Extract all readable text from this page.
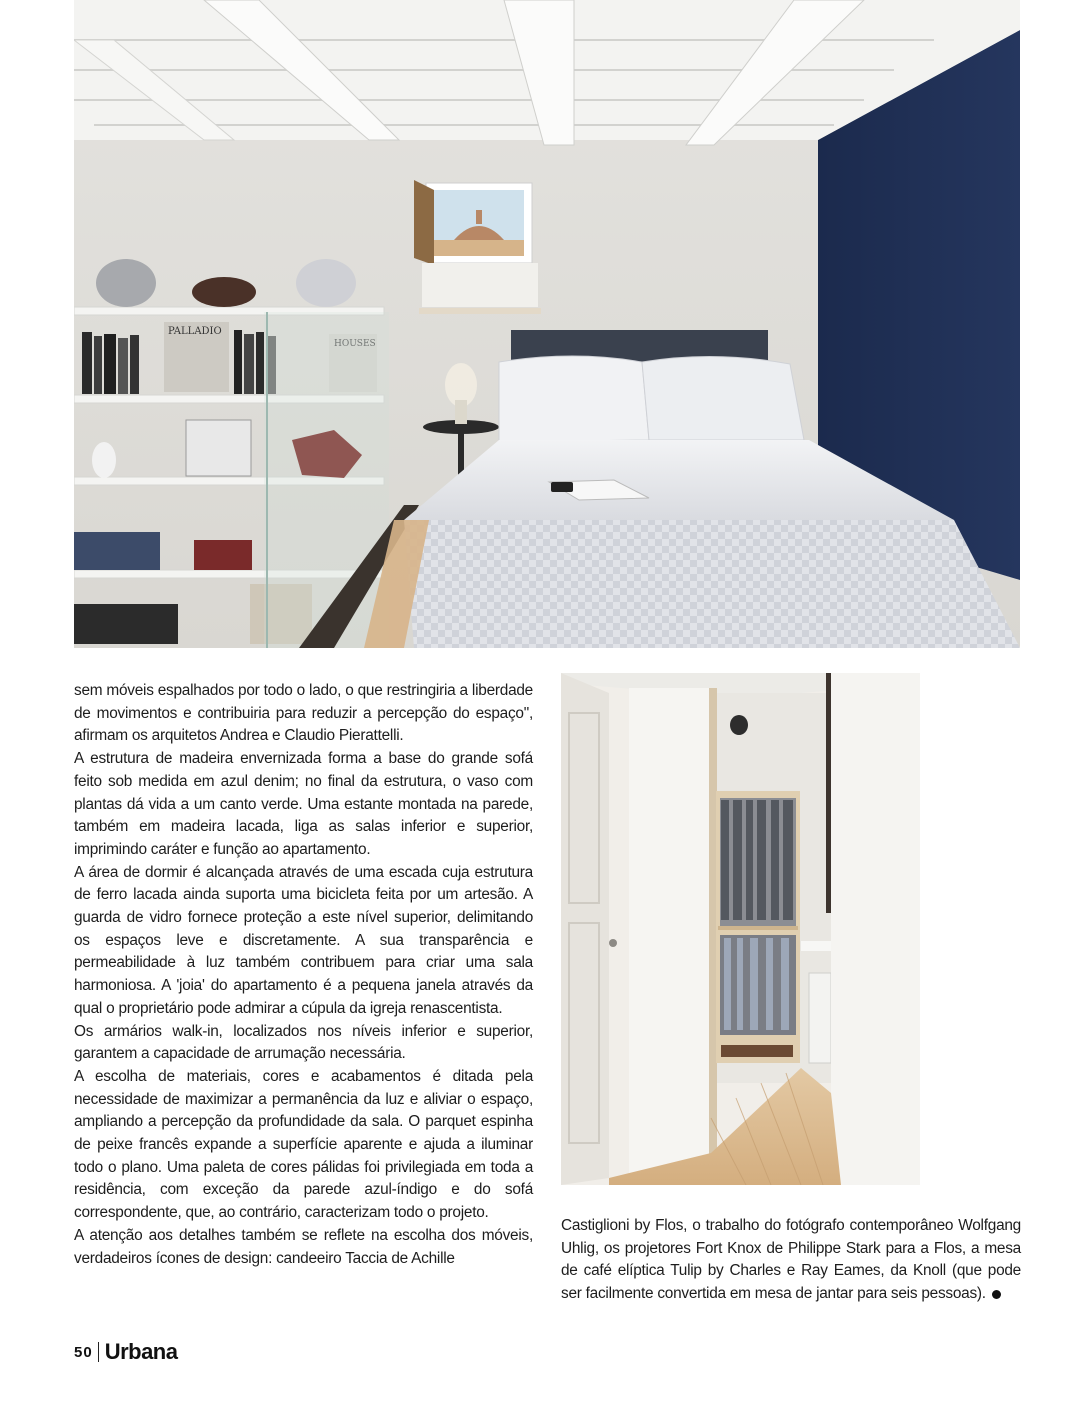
PALLADIO
HOUSES

sem móveis espalhados por todo o lado, o que restringiria a liberdade de movimentos e contribuiria para reduzir a percepção do espaço", afirmam os arquitetos Andrea e Claudio Pierattelli.

A estrutura de madeira envernizada forma a base do grande sofá feito sob medida em azul denim; no final da estrutura, o vaso com plantas dá vida a um canto verde. Uma estante montada na parede, também em madeira lacada, liga as salas inferior e superior, imprimindo caráter e função ao apartamento.

A área de dormir é alcançada através de uma escada cuja estrutura de ferro lacada ainda suporta uma bicicleta feita por um artesão. A guarda de vidro fornece proteção a este nível superior, delimitando os espaços leve e discretamente. A sua transparência e permeabilidade à luz também contribuem para criar uma sala harmoniosa. A 'joia' do apartamento é a pequena janela através da qual o proprietário pode admirar a cúpula da igreja renascentista.

Os armários walk-in, localizados nos níveis inferior e superior, garantem a capacidade de arrumação necessária.

A escolha de materiais, cores e acabamentos é ditada pela necessidade de maximizar a permanência da luz e aliviar o espaço, ampliando a percepção da profundidade da sala. O parquet espinha de peixe francês expande a superfície aparente e ajuda a iluminar todo o plano. Uma paleta de cores pálidas foi privilegiada em toda a residência, com exceção da parede azul-índigo e do sofá correspondente, que, ao contrário, caracterizam todo o projeto.

A atenção aos detalhes também se reflete na escolha dos móveis, verdadeiros ícones de design: candeeiro Taccia de Achille

Castiglioni by Flos, o trabalho do fotógrafo contemporâneo Wolfgang Uhlig, os projetores Fort Knox de Philippe Stark para a Flos, a mesa de café elíptica Tulip by Charles e Ray Eames, da Knoll (que pode ser facilmente convertida em mesa de jantar para seis pessoas).
50 Urbana
